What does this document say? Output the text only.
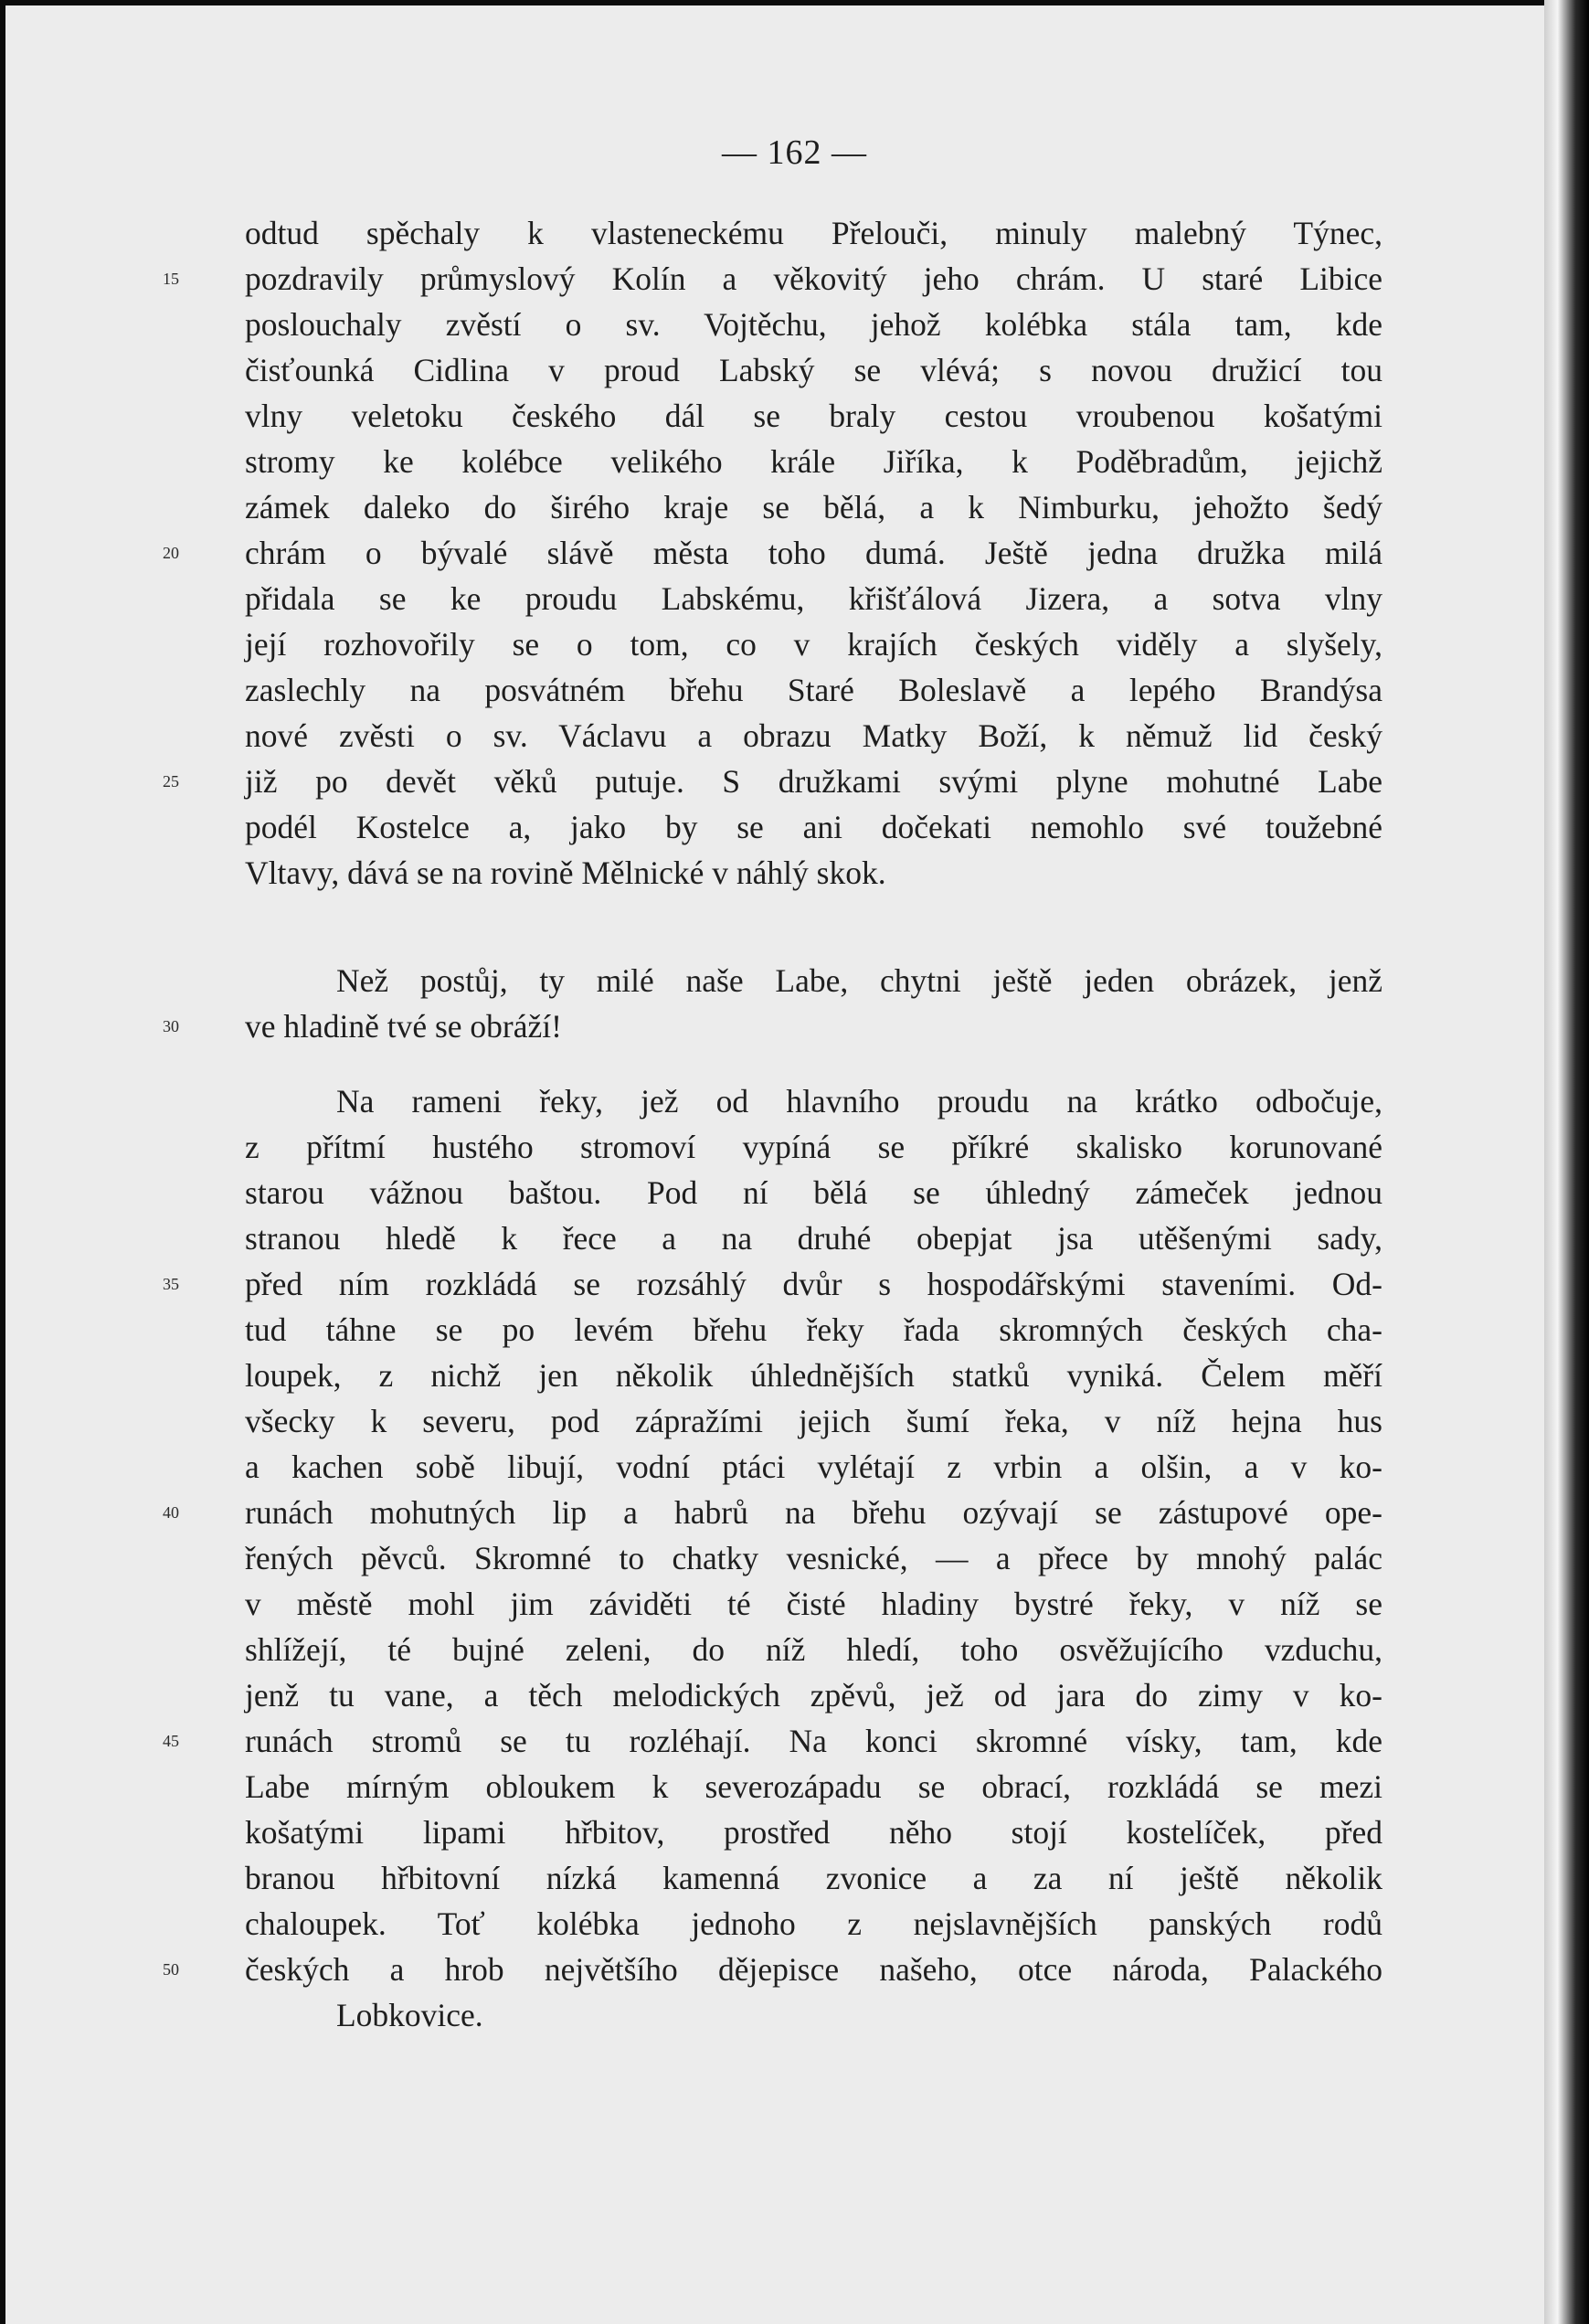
— 162 —
odtud spěchaly k vlasteneckému Přelouči, minuly malebný Týnec,
pozdravily průmyslový Kolín a věkovitý jeho chrám. U staré Libice
poslouchaly zvěstí o sv. Vojtěchu, jehož kolébka stála tam, kde
čisťounká Cidlina v proud Labský se vlévá; s novou družicí tou
vlny veletoku českého dál se braly cestou vroubenou košatými
stromy ke kolébce velikého krále Jiříka, k Poděbradům, jejichž
zámek daleko do širého kraje se bělá, a k Nimburku, jehožto šedý
chrám o bývalé slávě města toho dumá. Ještě jedna družka milá
přidala se ke proudu Labskému, křišťálová Jizera, a sotva vlny
její rozhovořily se o tom, co v krajích českých viděly a slyšely,
zaslechly na posvátném břehu Staré Boleslavě a lepého Brandýsa
nové zvěsti o sv. Václavu a obrazu Matky Boží, k němuž lid český
již po devět věků putuje. S družkami svými plyne mohutné Labe
podél Kostelce a, jako by se ani dočekati nemohlo své toužebné
Vltavy, dává se na rovině Mělnické v náhlý skok.
Než postůj, ty milé naše Labe, chytni ještě jeden obrázek, jenž
ve hladině tvé se obráží!
Na rameni řeky, jež od hlavního proudu na krátko odbočuje,
z přítmí hustého stromoví vypíná se příkré skalisko korunované
starou vážnou baštou. Pod ní bělá se úhledný zámeček jednou
stranou hledě k řece a na druhé obepjat jsa utěšenými sady,
před ním rozkládá se rozsáhlý dvůr s hospodářskými staveními. Od-
tud táhne se po levém břehu řeky řada skromných českých cha-
loupek, z nichž jen několik úhlednějších statků vyniká. Čelem měří
všecky k severu, pod zápražími jejich šumí řeka, v níž hejna hus
a kachen sobě libují, vodní ptáci vylétají z vrbin a olšin, a v ko-
runách mohutných lip a habrů na břehu ozývají se zástupové ope-
řených pěvců. Skromné to chatky vesnické, — a přece by mnohý palác
v městě mohl jim záviděti té čisté hladiny bystré řeky, v níž se
shlížejí, té bujné zeleni, do níž hledí, toho osvěžujícího vzduchu,
jenž tu vane, a těch melodických zpěvů, jež od jara do zimy v ko-
runách stromů se tu rozléhají. Na konci skromné vísky, tam, kde
Labe mírným obloukem k severozápadu se obrací, rozkládá se mezi
košatými lipami hřbitov, prostřed něho stojí kostelíček, před
branou hřbitovní nízká kamenná zvonice a za ní ještě několik
chaloupek. Toť kolébka jednoho z nejslavnějších panských rodů
českých a hrob největšího dějepisce našeho, otce národa, Palackého
Lobkovice.
15
20
25
30
35
40
45
50
